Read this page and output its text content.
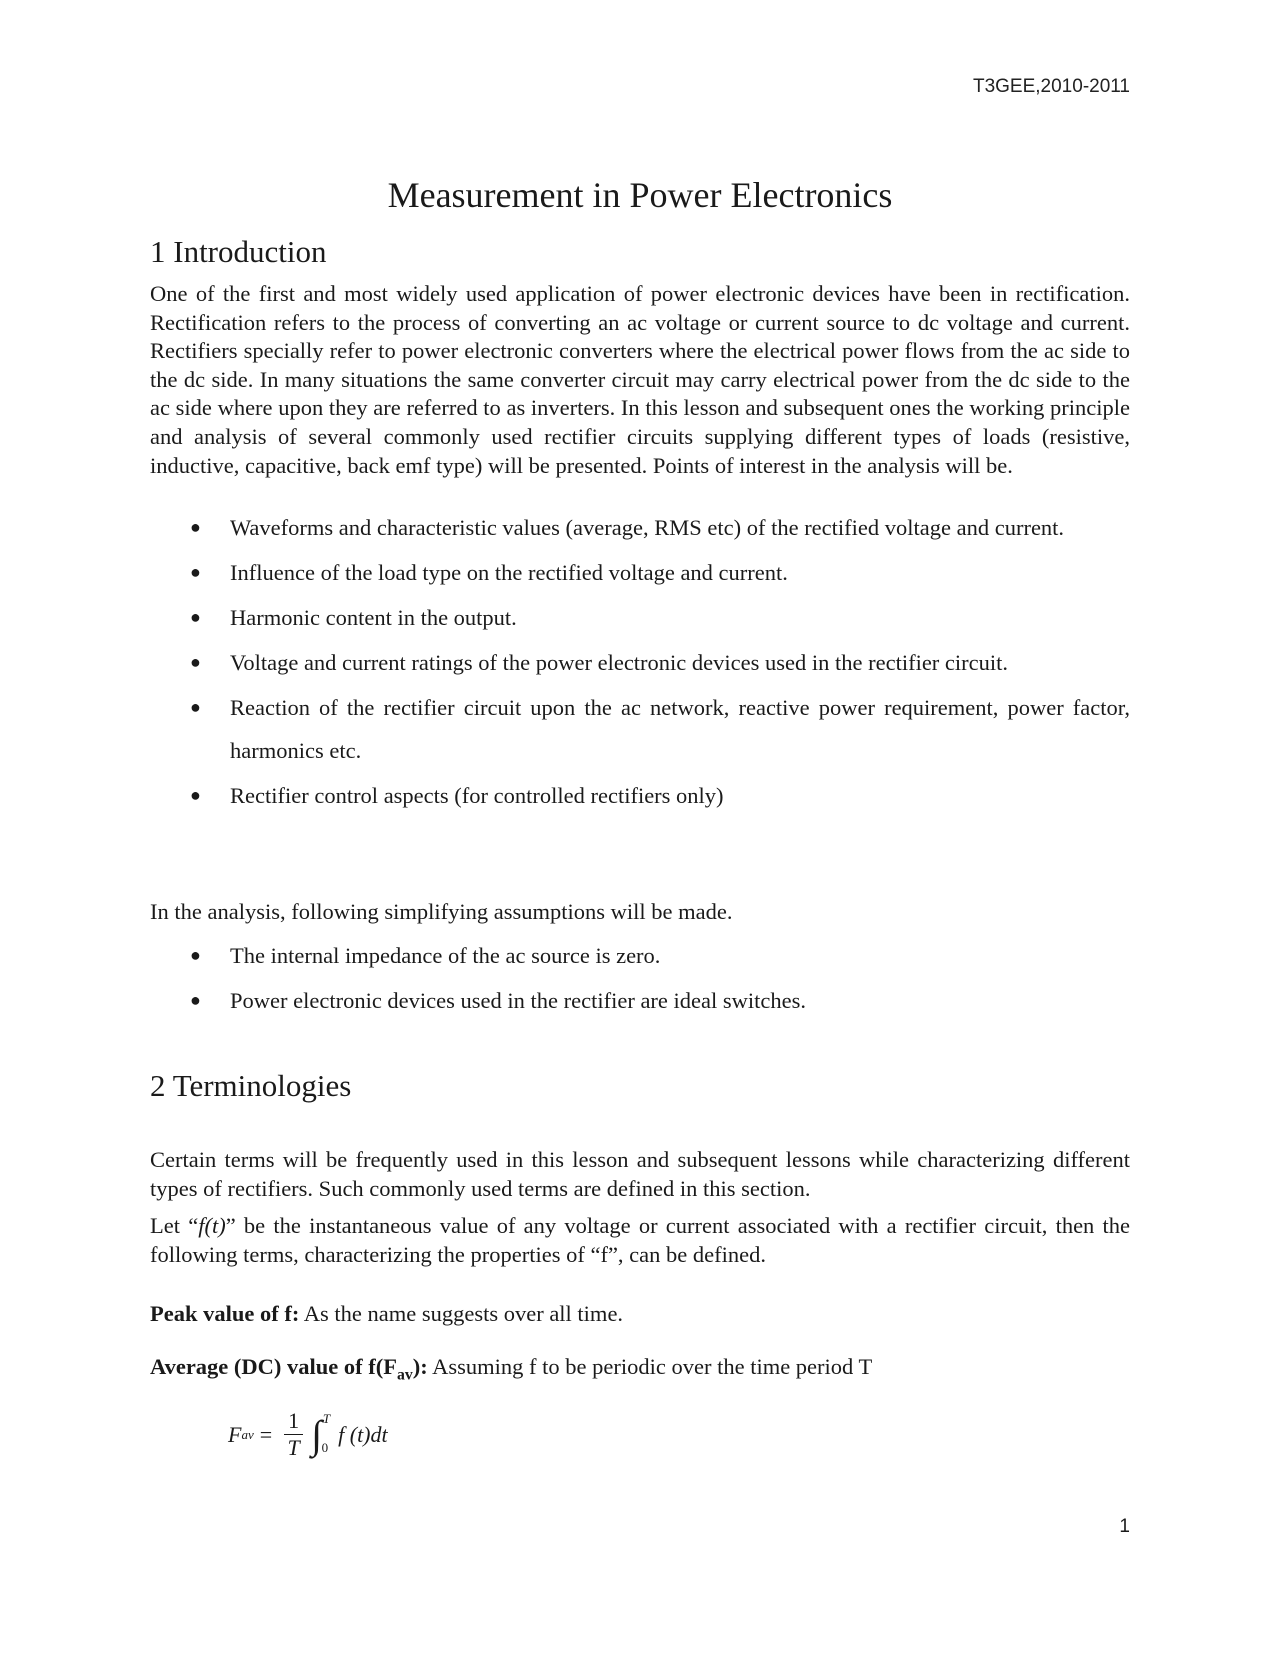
T3GEE,2010-2011
Measurement in Power Electronics
1 Introduction

One of the first and most widely used application of power electronic devices have been in rectification. Rectification refers to the process of converting an ac voltage or current source to dc voltage and current. Rectifiers specially refer to power electronic converters where the electrical power flows from the ac side to the dc side. In many situations the same converter circuit may carry electrical power from the dc side to the ac side where upon they are referred to as inverters. In this lesson and subsequent ones the working principle and analysis of several commonly used rectifier circuits supplying different types of loads (resistive, inductive, capacitive, back emf type) will be presented. Points of interest in the analysis will be.

● Waveforms and characteristic values (average, RMS etc) of the rectified voltage and current.
● Influence of the load type on the rectified voltage and current.
● Harmonic content in the output.
● Voltage and current ratings of the power electronic devices used in the rectifier circuit.
● Reaction of the rectifier circuit upon the ac network, reactive power requirement, power factor, harmonics etc.
● Rectifier control aspects (for controlled rectifiers only)

In the analysis, following simplifying assumptions will be made.

● The internal impedance of the ac source is zero.
● Power electronic devices used in the rectifier are ideal switches.
2 Terminologies

Certain terms will be frequently used in this lesson and subsequent lessons while characterizing different types of rectifiers. Such commonly used terms are defined in this section.

Let “f(t)” be the instantaneous value of any voltage or current associated with a rectifier circuit, then the following terms, characterizing the properties of “f”, can be defined.

Peak value of f: As the name suggests over all time.

Average (DC) value of $f(F_{av})$: Assuming f to be periodic over the time period T

F av = $\frac{1}{T}$ ∫ T
0
f (t)dt
1
